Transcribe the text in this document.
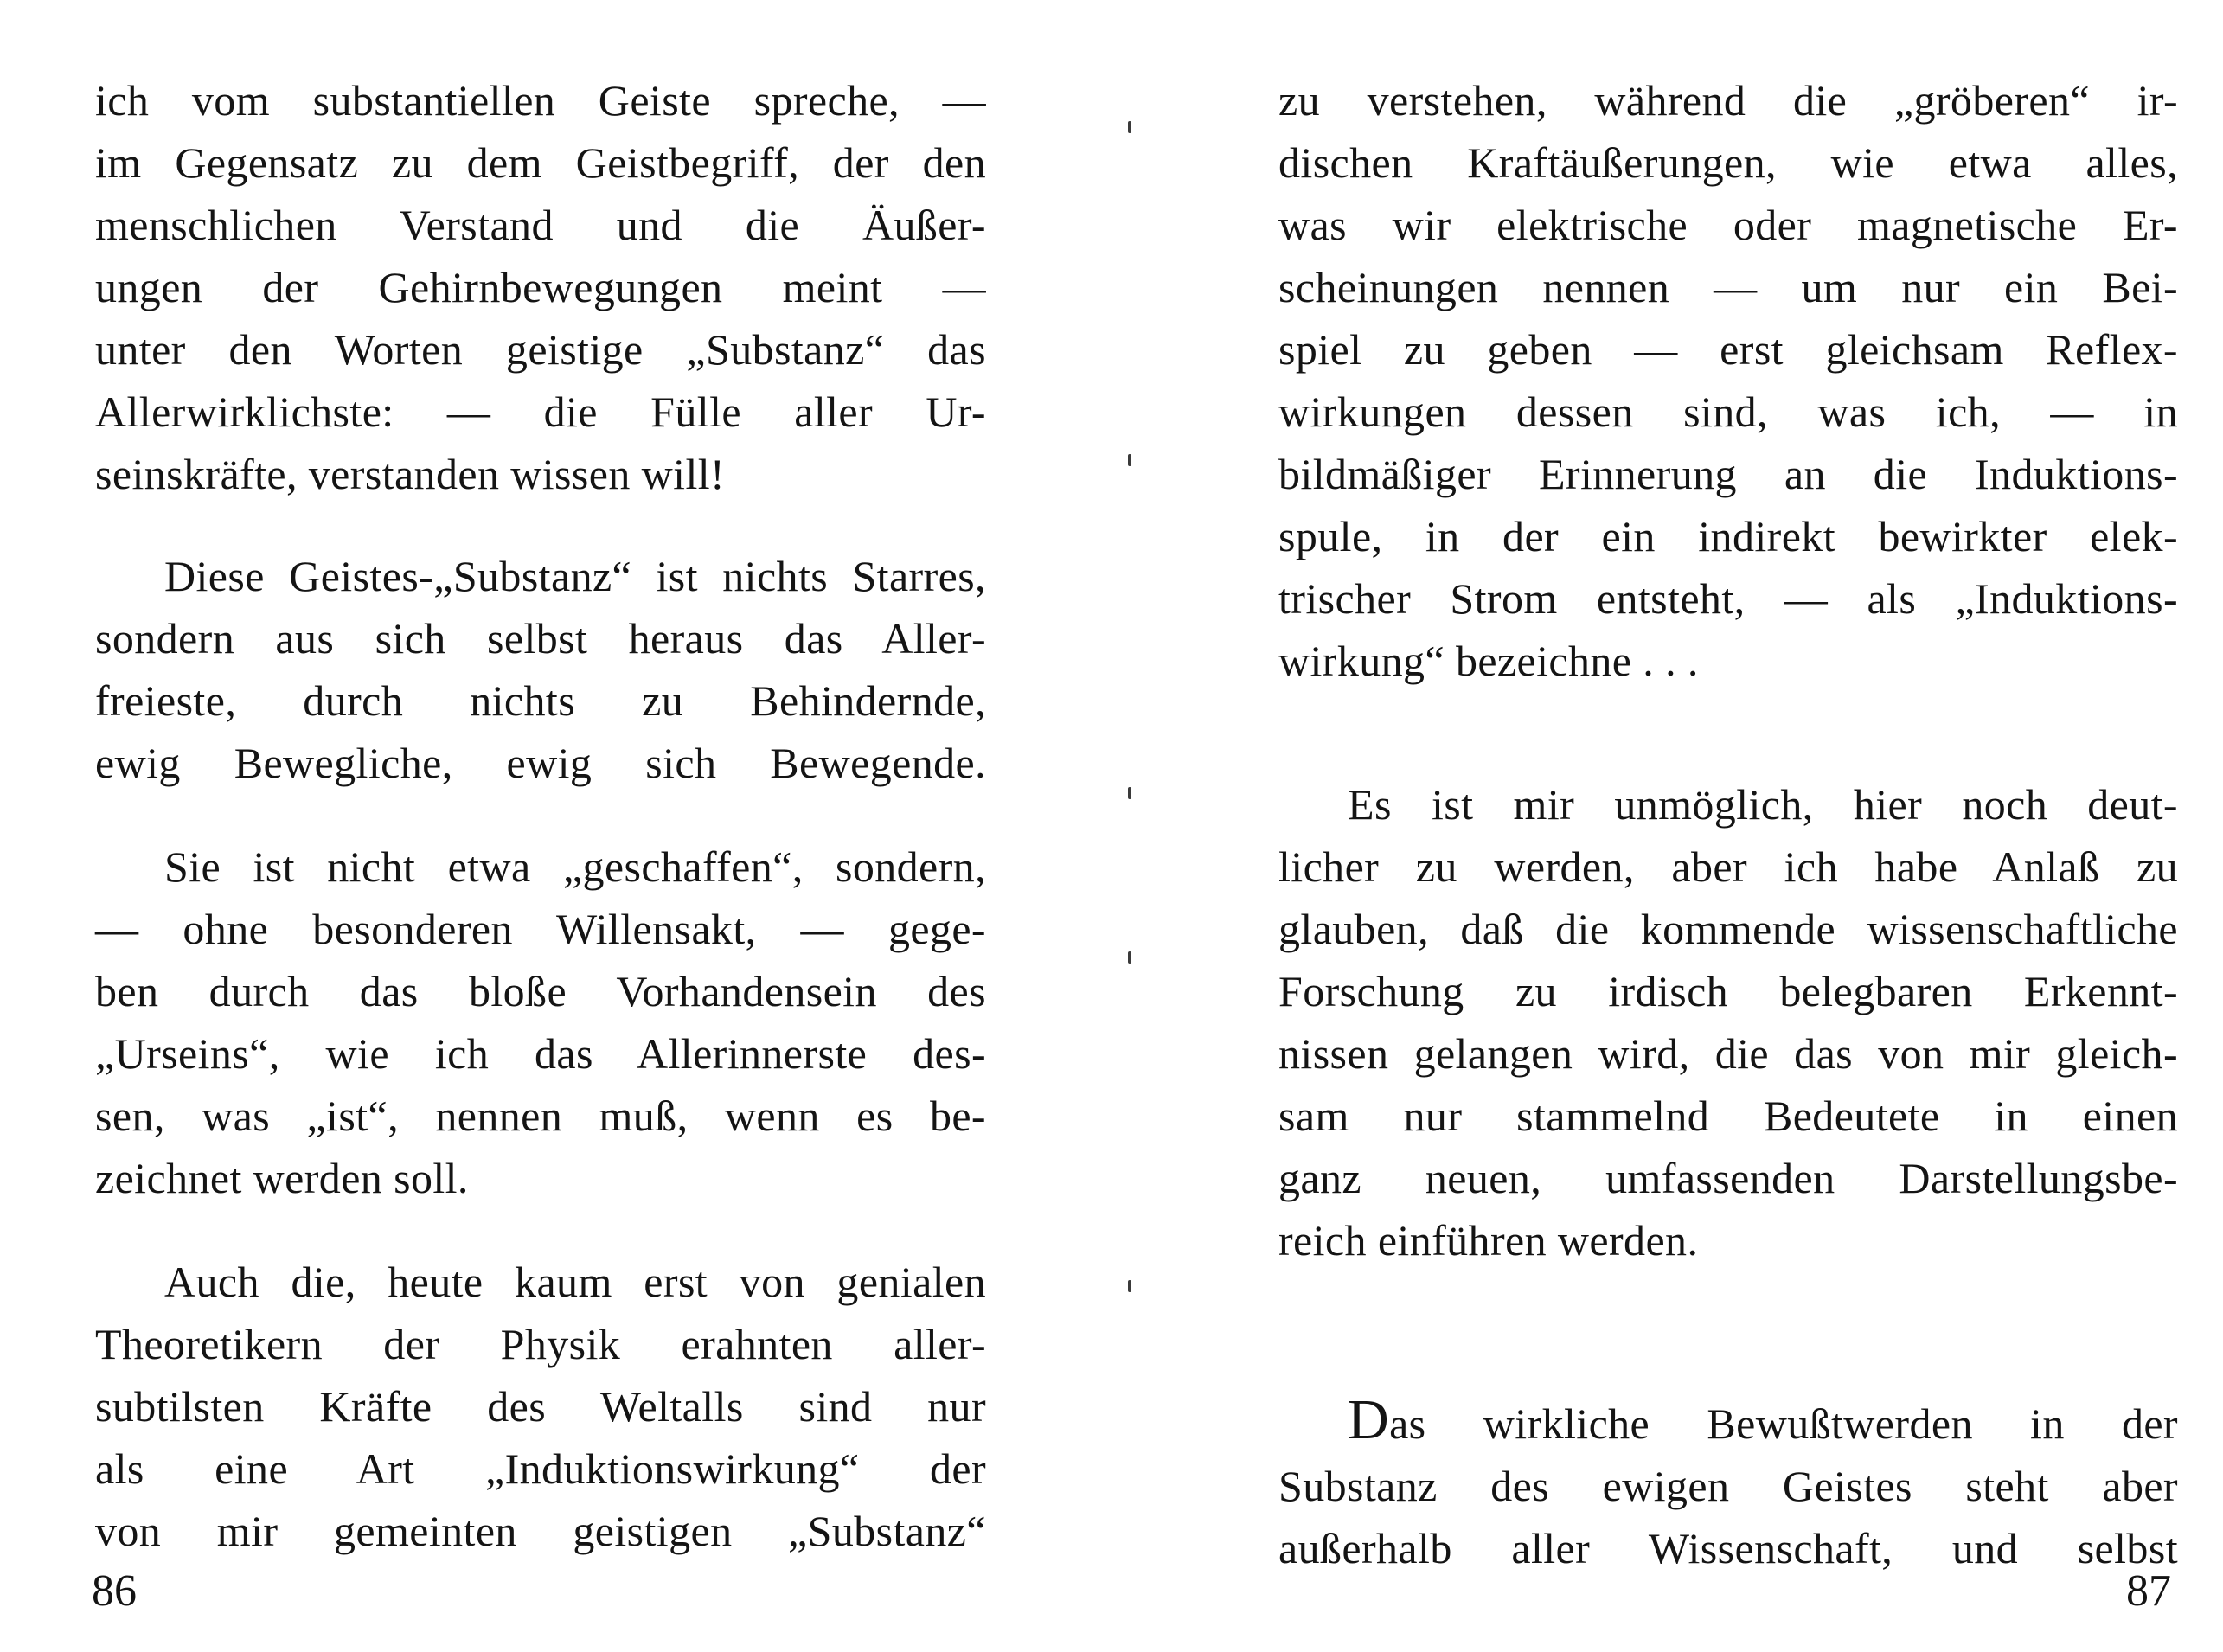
ich vom substantiellen Geiste spreche, —
im Gegensatz zu dem Geistbegriff, der den
menschlichen Verstand und die Äußer-
ungen der Gehirnbewegungen meint —
unter den Worten geistige „Substanz“ das
Allerwirklichste: — die Fülle aller Ur-
seinskräfte, verstanden wissen will!

Diese Geistes-„Substanz“ ist nichts Starres,
sondern aus sich selbst heraus das Aller-
freieste, durch nichts zu Behindernde,
ewig Bewegliche, ewig sich Bewegende.

Sie ist nicht etwa „geschaffen“, sondern,
— ohne besonderen Willensakt, — gege-
ben durch das bloße Vorhandensein des
„Urseins“, wie ich das Allerinnerste des-
sen, was „ist“, nennen muß, wenn es be-
zeichnet werden soll.

Auch die, heute kaum erst von genialen
Theoretikern der Physik erahnten aller-
subtilsten Kräfte des Weltalls sind nur
als eine Art „Induktionswirkung“ der
von mir gemeinten geistigen „Substanz“

86

zu verstehen, während die „gröberen“ ir-
dischen Kraftäußerungen, wie etwa alles,
was wir elektrische oder magnetische Er-
scheinungen nennen — um nur ein Bei-
spiel zu geben — erst gleichsam Reflex-
wirkungen dessen sind, was ich, — in
bildmäßiger Erinnerung an die Induktions-
spule, in der ein indirekt bewirkter elek-
trischer Strom entsteht, — als „Induktions-
wirkung“ bezeichne . . .

Es ist mir unmöglich, hier noch deut-
licher zu werden, aber ich habe Anlaß zu
glauben, daß die kommende wissenschaftliche
Forschung zu irdisch belegbaren Erkennt-
nissen gelangen wird, die das von mir gleich-
sam nur stammelnd Bedeutete in einen
ganz neuen, umfassenden Darstellungsbe-
reich einführen werden.

Das wirkliche Bewußtwerden in der
Substanz des ewigen Geistes steht aber
außerhalb aller Wissenschaft, und selbst

87
